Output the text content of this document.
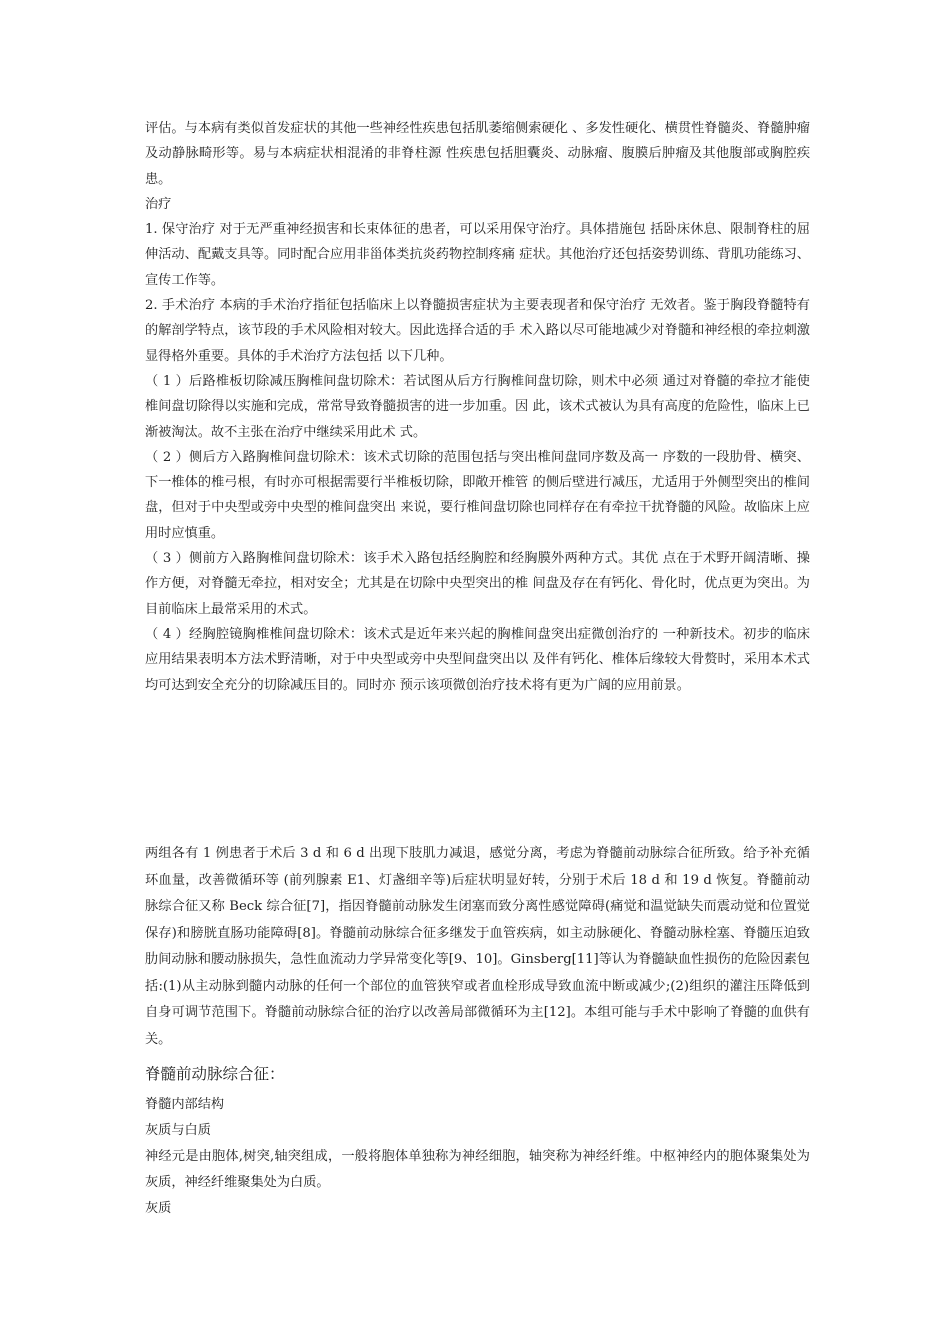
评估。与本病有类似首发症状的其他一些神经性疾患包括肌萎缩侧索硬化 、多发性硬化、横贯性脊髓炎、脊髓肿瘤及动静脉畸形等。易与本病症状相混淆的非脊柱源 性疾患包括胆囊炎、动脉瘤、腹膜后肿瘤及其他腹部或胸腔疾患。

治疗

1. 保守治疗 对于无严重神经损害和长束体征的患者，可以采用保守治疗。具体措施包 括卧床休息、限制脊柱的屈伸活动、配戴支具等。同时配合应用非甾体类抗炎药物控制疼痛 症状。其他治疗还包括姿势训练、背肌功能练习、宣传工作等。

2. 手术治疗 本病的手术治疗指征包括临床上以脊髓损害症状为主要表现者和保守治疗 无效者。鉴于胸段脊髓特有的解剖学特点，该节段的手术风险相对较大。因此选择合适的手 术入路以尽可能地减少对脊髓和神经根的牵拉刺激显得格外重要。具体的手术治疗方法包括 以下几种。

（ 1 ）后路椎板切除减压胸椎间盘切除术：若试图从后方行胸椎间盘切除，则术中必须 通过对脊髓的牵拉才能使椎间盘切除得以实施和完成，常常导致脊髓损害的进一步加重。因 此，该术式被认为具有高度的危险性，临床上已渐被淘汰。故不主张在治疗中继续采用此术 式。

（ 2 ）侧后方入路胸椎间盘切除术：该术式切除的范围包括与突出椎间盘同序数及高一 序数的一段肋骨、横突、下一椎体的椎弓根，有时亦可根据需要行半椎板切除，即敞开椎管 的侧后壁进行减压，尤适用于外侧型突出的椎间盘，但对于中央型或旁中央型的椎间盘突出 来说，要行椎间盘切除也同样存在有牵拉干扰脊髓的风险。故临床上应用时应慎重。

（ 3 ）侧前方入路胸椎间盘切除术：该手术入路包括经胸腔和经胸膜外两种方式。其优 点在于术野开阔清晰、操作方便，对脊髓无牵拉，相对安全；尤其是在切除中央型突出的椎 间盘及存在有钙化、骨化时，优点更为突出。为目前临床上最常采用的术式。

（ 4 ）经胸腔镜胸椎椎间盘切除术：该术式是近年来兴起的胸椎间盘突出症微创治疗的 一种新技术。初步的临床应用结果表明本方法术野清晰，对于中央型或旁中央型间盘突出以 及伴有钙化、椎体后缘较大骨赘时，采用本术式均可达到安全充分的切除减压目的。同时亦 预示该项微创治疗技术将有更为广阔的应用前景。

两组各有 1 例患者于术后 3 d 和 6 d 出现下肢肌力减退，感觉分离，考虑为脊髓前动脉综合征所致。给予补充循环血量，改善微循环等 (前列腺素 E1、灯盏细辛等)后症状明显好转，分别于术后 18 d 和 19 d 恢复。脊髓前动脉综合征又称 Beck 综合征[7]，指因脊髓前动脉发生闭塞而致分离性感觉障碍(痛觉和温觉缺失而震动觉和位置觉保存)和膀胱直肠功能障碍[8]。脊髓前动脉综合征多继发于血管疾病，如主动脉硬化、脊髓动脉栓塞、脊髓压迫致肋间动脉和腰动脉损失，急性血流动力学异常变化等[9、10]。Ginsberg[11]等认为脊髓缺血性损伤的危险因素包括:(1)从主动脉到髓内动脉的任何一个部位的血管狭窄或者血栓形成导致血流中断或减少;(2)组织的灌注压降低到自身可调节范围下。脊髓前动脉综合征的治疗以改善局部微循环为主[12]。本组可能与手术中影响了脊髓的血供有关。

脊髓前动脉综合征：

脊髓内部结构

灰质与白质

神经元是由胞体,树突,轴突组成，一般将胞体单独称为神经细胞，轴突称为神经纤维。中枢神经内的胞体聚集处为灰质，神经纤维聚集处为白质。

灰质
